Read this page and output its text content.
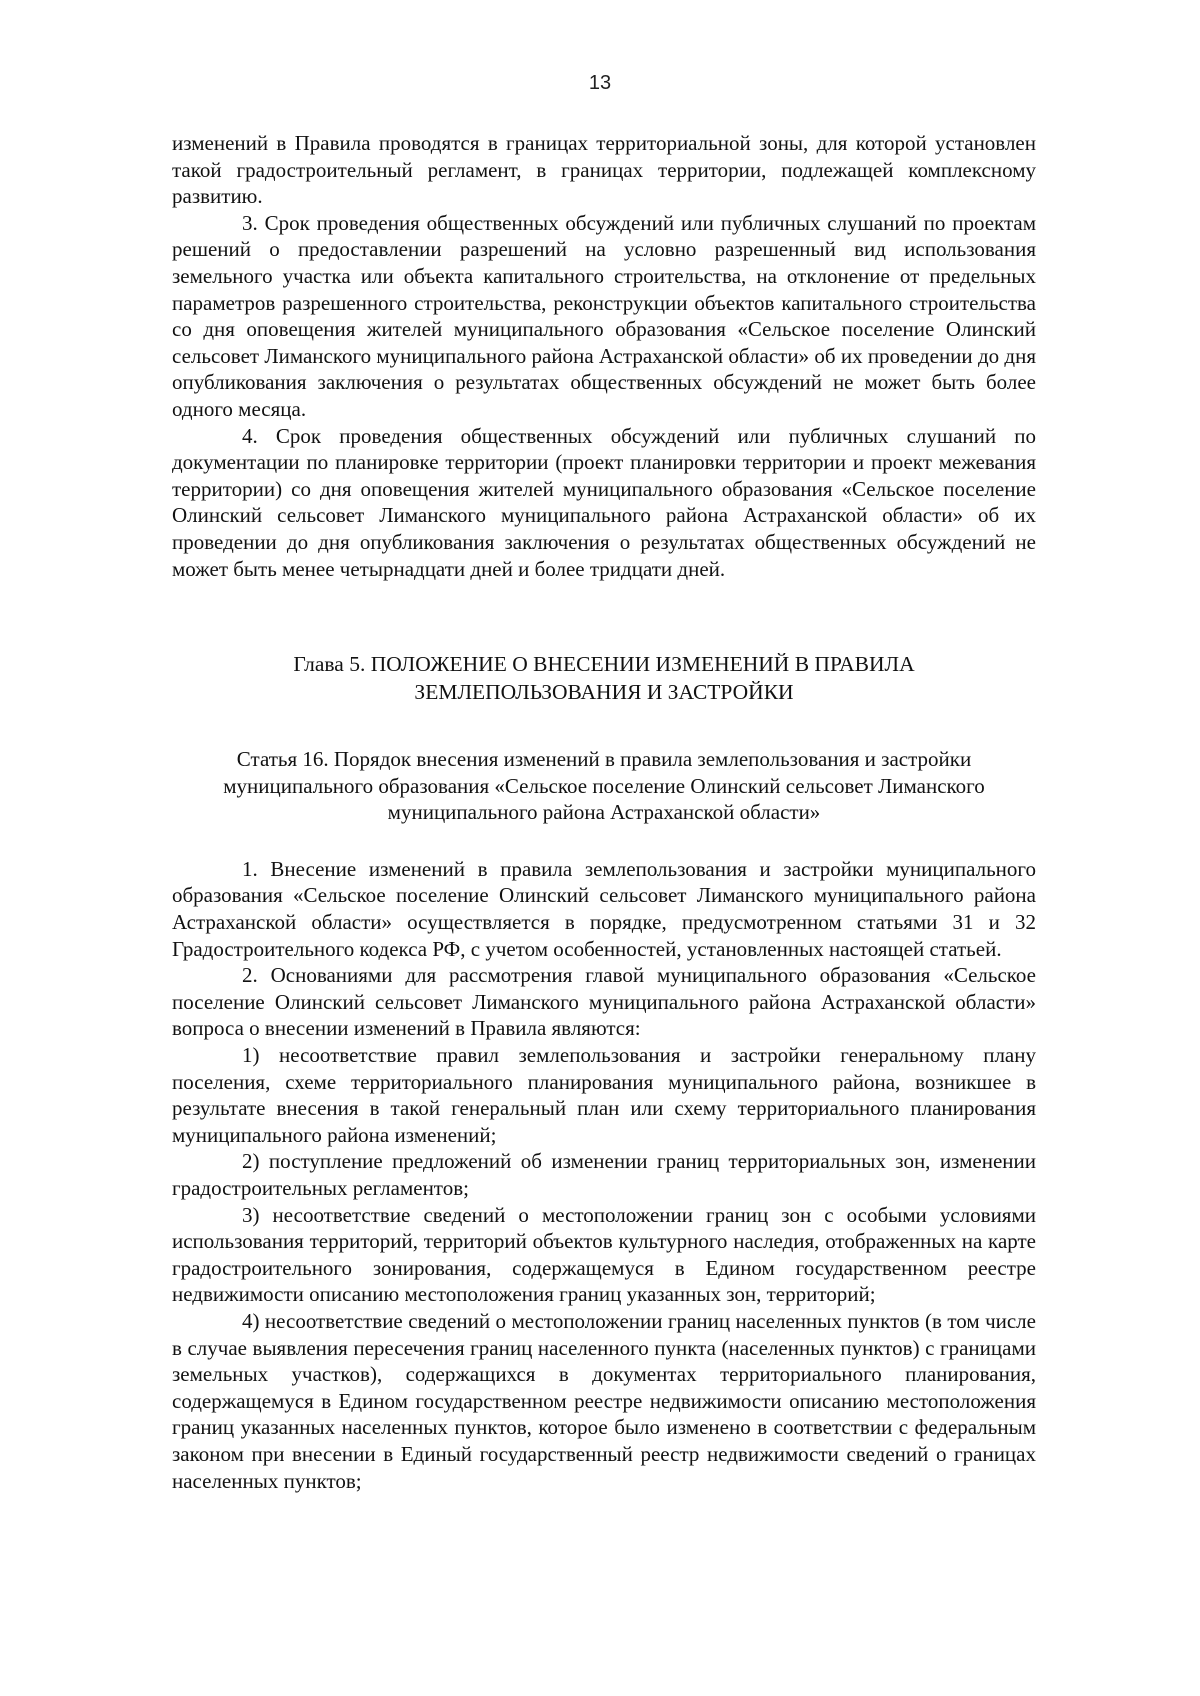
13

изменений в Правила проводятся в границах территориальной зоны, для которой установлен такой градостроительный регламент, в границах территории, подлежащей комплексному развитию.

3. Срок проведения общественных обсуждений или публичных слушаний по проектам решений о предоставлении разрешений на условно разрешенный вид использования земельного участка или объекта капитального строительства, на отклонение от предельных параметров разрешенного строительства, реконструкции объектов капитального строительства со дня оповещения жителей муниципального образования «Сельское поселение Олинский сельсовет Лиманского муниципального района Астраханской области» об их проведении до дня опубликования заключения о результатах общественных обсуждений не может быть более одного месяца.

4. Срок проведения общественных обсуждений или публичных слушаний по документации по планировке территории (проект планировки территории и проект межевания территории) со дня оповещения жителей муниципального образования «Сельское поселение Олинский сельсовет Лиманского муниципального района Астраханской области» об их проведении до дня опубликования заключения о результатах общественных обсуждений не может быть менее четырнадцати дней и более тридцати дней.

Глава 5. ПОЛОЖЕНИЕ О ВНЕСЕНИИ ИЗМЕНЕНИЙ В ПРАВИЛА
ЗЕМЛЕПОЛЬЗОВАНИЯ И ЗАСТРОЙКИ
Статья 16. Порядок внесения изменений в правила землепользования и застройки
муниципального образования «Сельское поселение Олинский сельсовет Лиманского
муниципального района Астраханской области»

1. Внесение изменений в правила землепользования и застройки муниципального образования «Сельское поселение Олинский сельсовет Лиманского муниципального района Астраханской области» осуществляется в порядке, предусмотренном статьями 31 и 32 Градостроительного кодекса РФ, с учетом особенностей, установленных настоящей статьей.

2. Основаниями для рассмотрения главой муниципального образования «Сельское поселение Олинский сельсовет Лиманского муниципального района Астраханской области» вопроса о внесении изменений в Правила являются:

1) несоответствие правил землепользования и застройки генеральному плану поселения, схеме территориального планирования муниципального района, возникшее в результате внесения в такой генеральный план или схему территориального планирования муниципального района изменений;

2) поступление предложений об изменении границ территориальных зон, изменении градостроительных регламентов;

3) несоответствие сведений о местоположении границ зон с особыми условиями использования территорий, территорий объектов культурного наследия, отображенных на карте градостроительного зонирования, содержащемуся в Едином государственном реестре недвижимости описанию местоположения границ указанных зон, территорий;

4) несоответствие сведений о местоположении границ населенных пунктов (в том числе в случае выявления пересечения границ населенного пункта (населенных пунктов) с границами земельных участков), содержащихся в документах территориального планирования, содержащемуся в Едином государственном реестре недвижимости описанию местоположения границ указанных населенных пунктов, которое было изменено в соответствии с федеральным законом при внесении в Единый государственный реестр недвижимости сведений о границах населенных пунктов;
